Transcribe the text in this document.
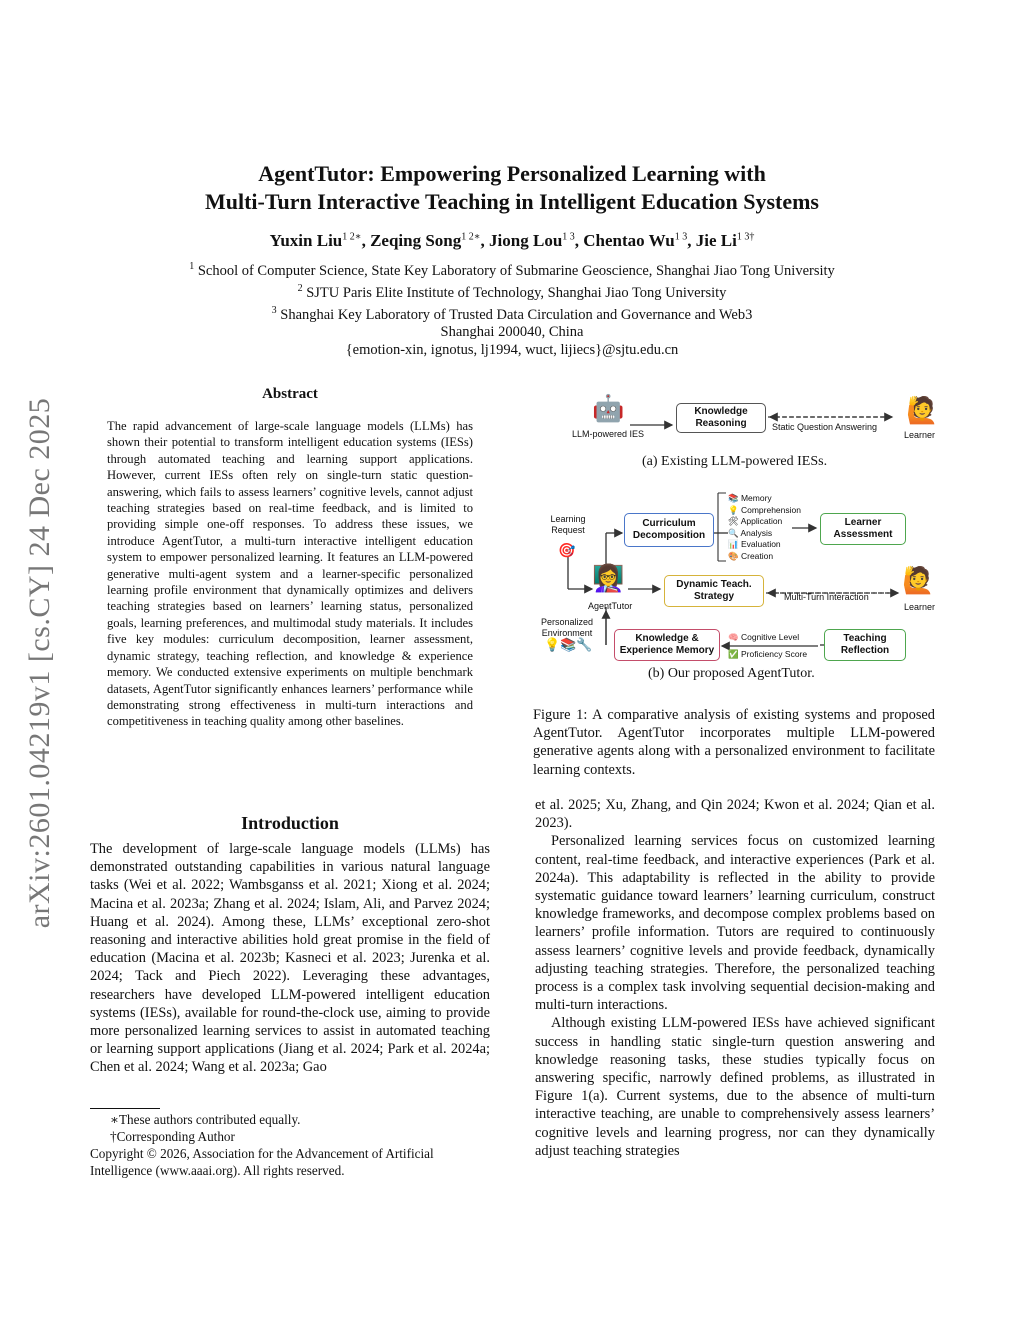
AgentTutor: Empowering Personalized Learning with
Multi-Turn Interactive Teaching in Intelligent Education Systems
Yuxin Liu$^{1 2∗}$, Zeqing Song$^{1 2∗}$, Jiong Lou$^{1 3}$, Chentao $Wu^{1 3}$, Jie $Li^{1 3\dagger}$
$^1$ School of Computer Science, State Key Laboratory of Submarine Geoscience, Shanghai Jiao Tong University
$^2$ SJTU Paris Elite Institute of Technology, Shanghai Jiao Tong University
$^3$ Shanghai Key Laboratory of Trusted Data Circulation and Governance and Web3
Shanghai 200040, China
{emotion-xin, ignotus, lj1994, wuct, lijiecs}@sjtu.edu.cn
arXiv:2601.04219v1 [cs.CY] 24 Dec 2025
Abstract
The rapid advancement of large-scale language models (LLMs) has shown their potential to transform intelligent education systems (IESs) through automated teaching and learning support applications. However, current IESs often rely on single-turn static question-answering, which fails to assess learners’ cognitive levels, cannot adjust teaching strategies based on real-time feedback, and is limited to providing simple one-off responses. To address these issues, we introduce AgentTutor, a multi-turn interactive intelligent education system to empower personalized learning. It features an LLM-powered generative multi-agent system and a learner-specific personalized learning profile environment that dynamically optimizes and delivers teaching strategies based on learners’ learning status, personalized goals, learning preferences, and multimodal study materials. It includes five key modules: curriculum decomposition, learner assessment, dynamic strategy, teaching reflection, and knowledge & experience memory. We conducted extensive experiments on multiple benchmark datasets, AgentTutor significantly enhances learners’ performance while demonstrating strong effectiveness in multi-turn interactions and competitiveness in teaching quality among other baselines.
Introduction
The development of large-scale language models (LLMs) has demonstrated outstanding capabilities in various natural language tasks (Wei et al. 2022; Wambsganss et al. 2021; Xiong et al. 2024; Macina et al. 2023a; Zhang et al. 2024; Islam, Ali, and Parvez 2024; Huang et al. 2024). Among these, LLMs’ exceptional zero-shot reasoning and interactive abilities hold great promise in the field of education (Macina et al. 2023b; Kasneci et al. 2023; Jurenka et al. 2024; Tack and Piech 2022). Leveraging these advantages, researchers have developed LLM-powered intelligent education systems (IESs), available for round-the-clock use, aiming to provide more personalized learning services to assist in automated teaching or learning support applications (Jiang et al. 2024; Park et al. 2024a; Chen et al. 2024; Wang et al. 2023a; Gao
∗These authors contributed equally.
†Corresponding Author
Copyright © 2026, Association for the Advancement of Artificial Intelligence (www.aaai.org). All rights reserved.
🤖
LLM-powered IES
Knowledge Reasoning	Static Question Answering
🙋
Learner
(a) Existing LLM-powered IESs.
Learning Request
🎯
Curriculum Decomposition
📚 Memory
💡 Comprehension
🛠 Application
🔍 Analysis
📊 Evaluation
🎨 Creation
Learner Assessment
👩‍🏫
AgentTutor
Dynamic Teach. Strategy	Multi-Turn Interaction
🙋
Learner
Personalized Environment
💡📚🔧	Knowledge & Experience Memory
🧠 Cognitive Level
✅ Proficiency Score
Teaching Reflection
(b) Our proposed AgentTutor.
Figure 1: A comparative analysis of existing systems and proposed AgentTutor. AgentTutor incorporates multiple LLM-powered generative agents along with a personalized environment to facilitate learning contexts.

et al. 2025; Xu, Zhang, and Qin 2024; Kwon et al. 2024; Qian et al. 2023).

Personalized learning services focus on customized learning content, real-time feedback, and interactive experiences (Park et al. 2024a). This adaptability is reflected in the ability to provide systematic guidance toward learners’ learning curriculum, construct knowledge frameworks, and decompose complex problems based on learners’ profile information. Tutors are required to continuously assess learners’ cognitive levels and provide feedback, dynamically adjusting teaching strategies. Therefore, the personalized teaching process is a complex task involving sequential decision-making and multi-turn interactions.

Although existing LLM-powered IESs have achieved significant success in handling static single-turn question answering and knowledge reasoning tasks, these studies typically focus on answering specific, narrowly defined problems, as illustrated in Figure 1(a). Current systems, due to the absence of multi-turn interactive teaching, are unable to comprehensively assess learners’ cognitive levels and learning progress, nor can they dynamically adjust teaching strategies
